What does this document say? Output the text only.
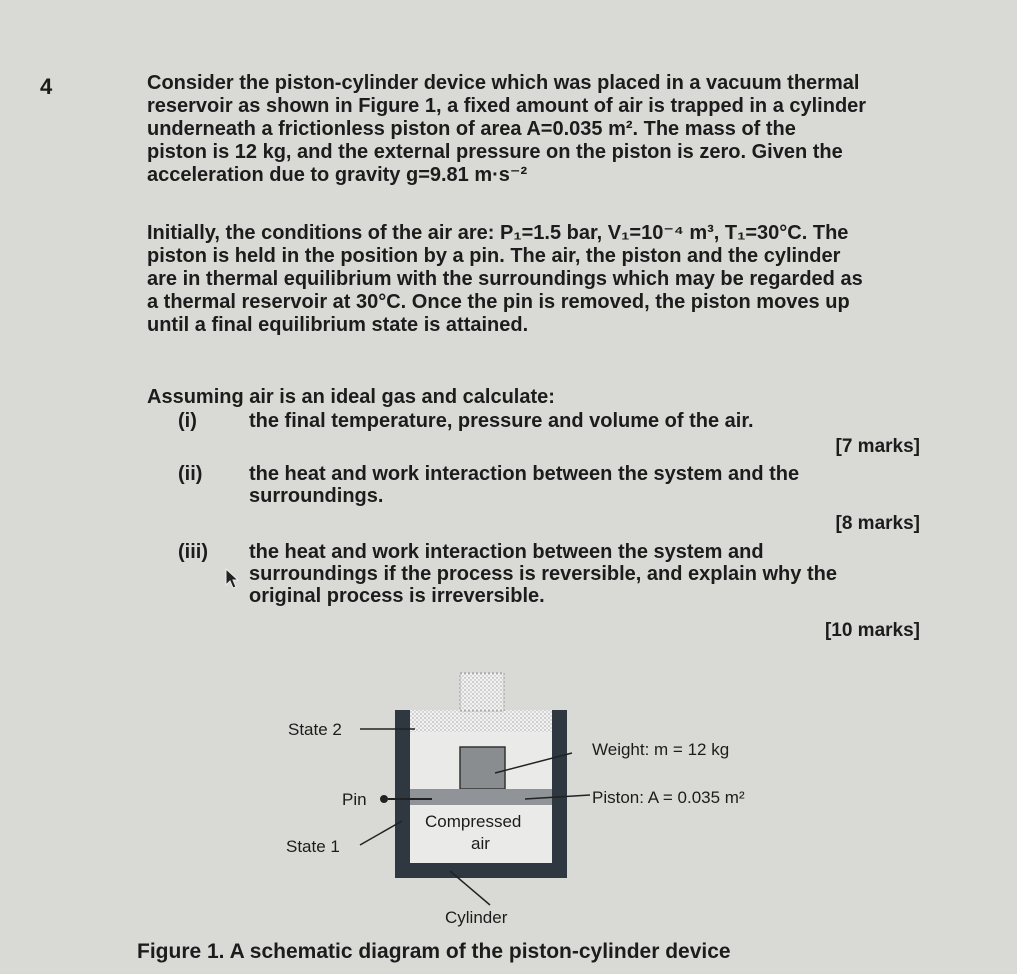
4	Consider the piston-cylinder device which was placed in a vacuum thermal
reservoir as shown in Figure 1, a fixed amount of air is trapped in a cylinder
underneath a frictionless piston of area A=0.035 m². The mass of the
piston is 12 kg, and the external pressure on the piston is zero. Given the
acceleration due to gravity g=9.81 m·s⁻²
Initially, the conditions of the air are: P₁=1.5 bar, V₁=10⁻⁴ m³, T₁=30°C. The
piston is held in the position by a pin. The air, the piston and the cylinder
are in thermal equilibrium with the surroundings which may be regarded as
a thermal reservoir at 30°C. Once the pin is removed, the piston moves up
until a final equilibrium state is attained.
Assuming air is an ideal gas and calculate:
(i)	the final temperature, pressure and volume of the air.
[7 marks]
(ii) the heat and work interaction between the system and the
surroundings.
[8 marks]
(iii) the heat and work interaction between the system and
surroundings if the process is reversible, and explain why the
original process is irreversible.
[10 marks]
State 2
Pin
State 1
Weight: m = 12 kg
Piston: A = 0.035 m²
Compressed
air
Cylinder
Figure 1. A schematic diagram of the piston-cylinder device
